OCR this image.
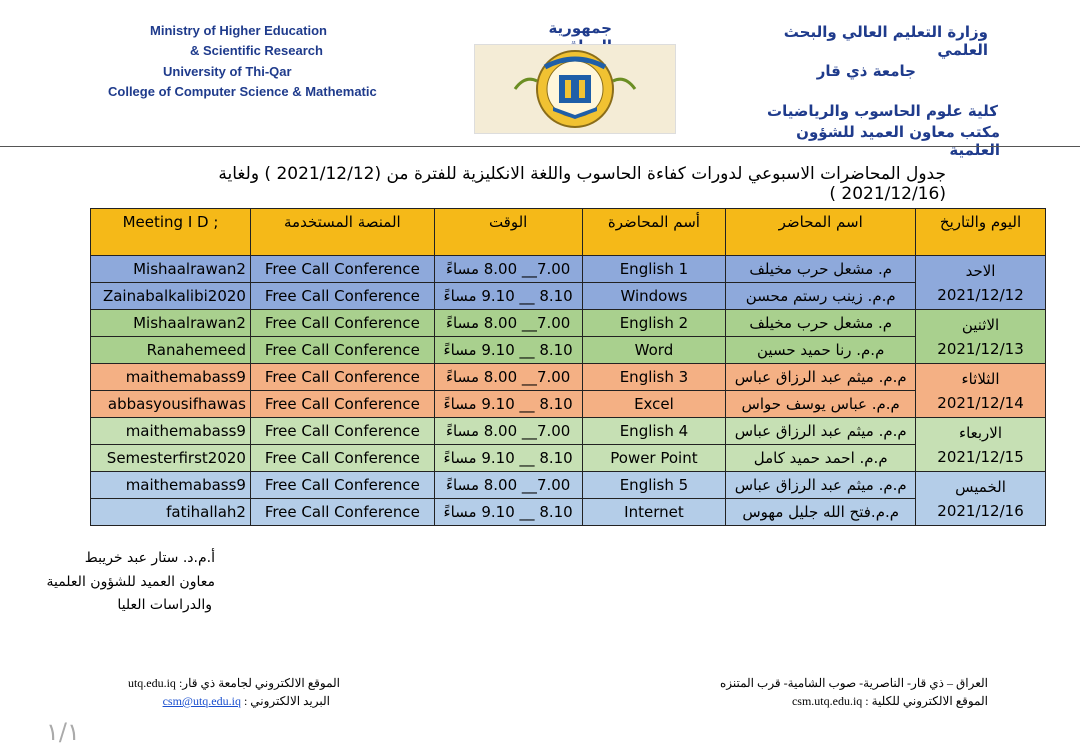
Ministry of Higher Education
& Scientific Research
University of Thi-Qar
College of Computer Science & Mathematic
جمهورية	وزارة التعليم العالي والبحث العلمي
جامعة ذي قار
كلية علوم الحاسوب والرياضيات
مكتب معاون العميد للشؤون العلمية
جدول المحاضرات الاسبوعي لدورات كفاءة الحاسوب واللغة الانكليزية للفترة من (2021/12/12 ) ولغاية (2021/12/16 )
Meeting I D ;	المنصة المستخدمة	الوقت	أسم المحاضرة	اسم المحاضر	اليوم والتاريخ
Mishaalrawan2	Free Call Conference	7.00__ 8.00 مساءً	English 1	م. مشعل حرب مخيلف	الاحد
2021/12/12

Zainabalkalibi2020	Free Call Conference	8.10 __ 9.10 مساءً	Windows	م.م. زينب رستم محسن	
Mishaalrawan2	Free Call Conference	7.00__ 8.00 مساءً	English 2	م. مشعل حرب مخيلف	الاثنين
2021/12/13

Ranahemeed	Free Call Conference	8.10 __ 9.10 مساءً	Word	م.م. رنا حميد حسين	
maithemabass9	Free Call Conference	7.00__ 8.00 مساءً	English 3	م.م. ميثم عبد الرزاق عباس	الثلاثاء
2021/12/14

abbasyousifhawas	Free Call Conference	8.10 __ 9.10 مساءً	Excel	م.م. عباس يوسف حواس	
maithemabass9	Free Call Conference	7.00__ 8.00 مساءً	English 4	م.م. ميثم عبد الرزاق عباس	الاربعاء
2021/12/15

Semesterfirst2020	Free Call Conference	8.10 __ 9.10 مساءً	Power Point	م.م. احمد حميد كامل	
maithemabass9	Free Call Conference	7.00__ 8.00 مساءً	English 5	م.م. ميثم عبد الرزاق عباس	الخميس
2021/12/16

fatihallah2	Free Call Conference	8.10 __ 9.10 مساءً	Internet	م.م.فتح الله جليل مهوس	
أ.م.د. ستار عبد خريبط
معاون العميد للشؤون العلمية
والدراسات العليا
الموقع الالكتروني لجامعة ذي قار: utq.edu.iq
البريد الالكتروني : csm@utq.edu.iq
العراق – ذي قار- الناصرية- صوب الشامية- قرب المتنزه
الموقع الالكتروني للكلية : csm.utq.edu.iq
١/١
